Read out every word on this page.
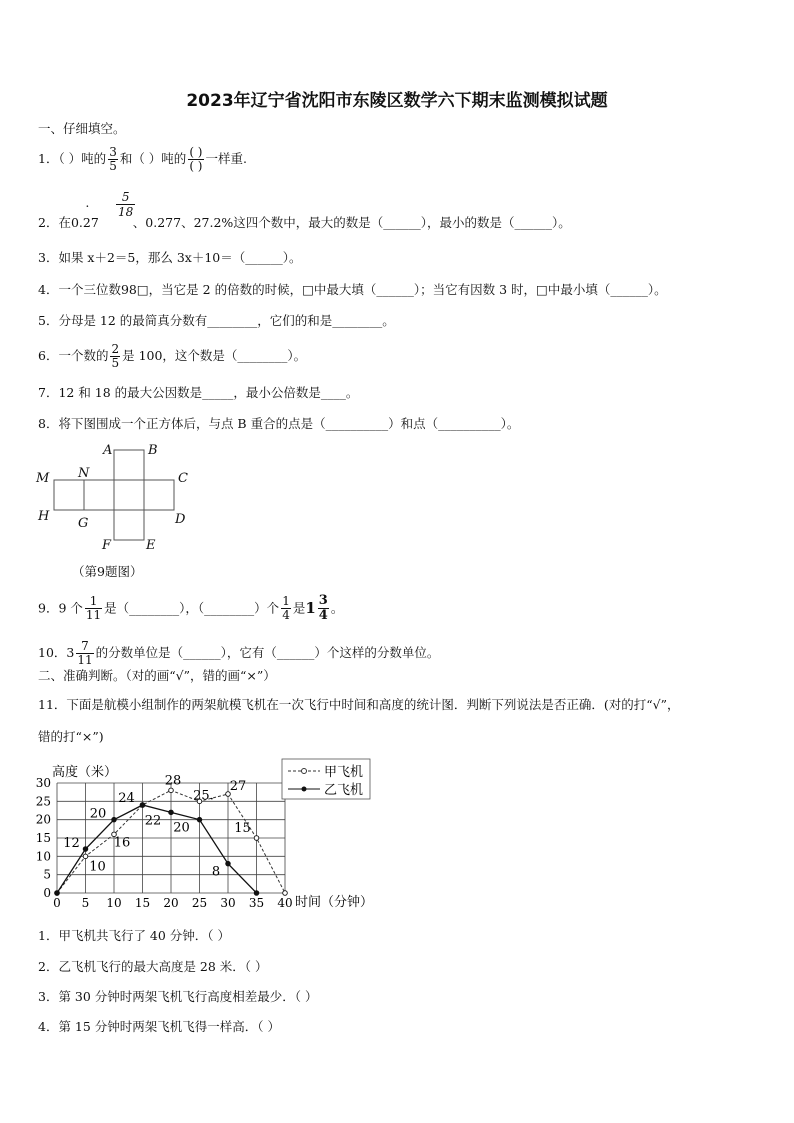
2023年辽宁省沈阳市东陵区数学六下期末监测模拟试题
一、仔细填空。
1．（ ）吨的 $\frac{3}{5}$ 和（ ）吨的 $\frac{( )}{( )}$ 一样重.
$\frac{5}{18}$
2．在0.˙ 27	、0.277、27.2%这四个数中，最大的数是（______），最小的数是（______）。
3．如果 x＋2＝5，那么 3x＋10＝（______）。
4．一个三位数98□，当它是 2 的倍数的时候，□中最大填（______）；当它有因数 3 时，□中最小填（______）。
5．分母是 12 的最简真分数有________，它们的和是________。
6．一个数的 $\frac{2}{5}$ 是 100，这个数是（________）。
7．12 和 18 的最大公因数是_____，最小公倍数是____。
8．将下图围成一个正方体后，与点 B 重合的点是（__________）和点（__________）。
A	B
M N	C
H G	D
F	E
（第9题图）
9．9 个 $\frac{1}{11}$ 是（________），（________）个 $\frac{1}{4}$ 是$1 \frac{3}{4}$ 。
10．$3 \frac{7}{11}$ 的分数单位是（______），它有（______）个这样的分数单位。
二、准确判断。（对的画“√”，错的画“×”）
11．下面是航模小组制作的两架航模飞机在一次飞行中时间和高度的统计图．判断下列说法是否正确．(对的打“√”，
错的打“×”)
0 5 10 15 20 25 30 35 40
0
5
10
15
20
25
30
10
16
28
25.
27
15
12
20
24
22 20
8
高度（米）
时间（分钟）
甲飞机
乙飞机
1．甲飞机共飞行了 40 分钟．（ ）
2．乙飞机飞行的最大高度是 28 米．（ ）
3．第 30 分钟时两架飞机飞行高度相差最少．（ ）
4．第 15 分钟时两架飞机飞得一样高．（ ）
